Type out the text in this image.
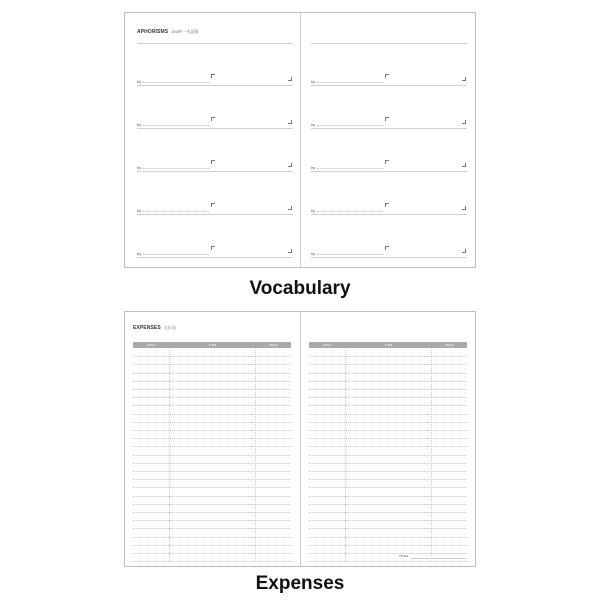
APHORISMS ANI終一生語錄
by
by
by
by
by
by
by
by
by
by
Vocabulary
EXPENSES 支出表
DATE	ITEM	PRICE	DATE	ITEM	PRICE
TOTAL
Expenses
